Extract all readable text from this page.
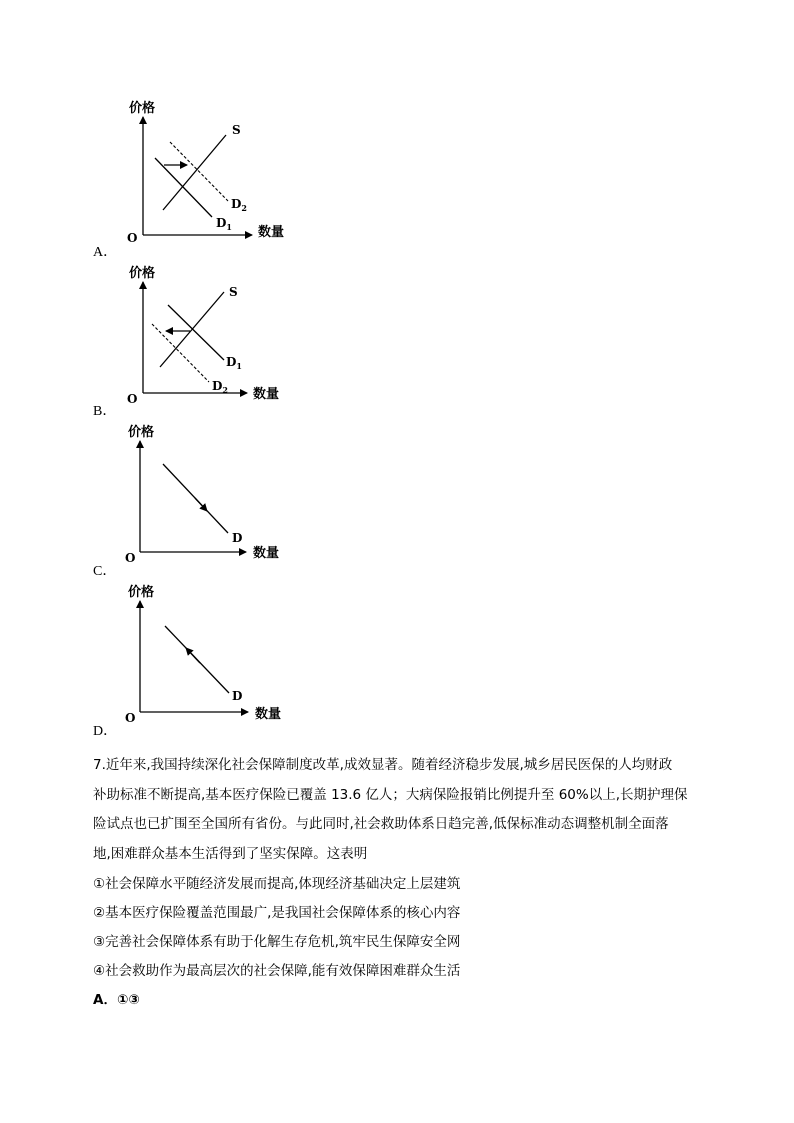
价格
数量
O
S
$D_2$
$D_1$
A．
价格
数量
O
S
$D_1$
$D_2$
B．
价格
数量
O
D
C．
价格
数量
O
D
D．
7.近年来,我国持续深化社会保障制度改革,成效显著。随着经济稳步发展,城乡居民医保的人均财政
补助标准不断提高,基本医疗保险已覆盖 13.6 亿人；大病保险报销比例提升至 60%以上,长期护理保
险试点也已扩围至全国所有省份。与此同时,社会救助体系日趋完善,低保标准动态调整机制全面落
地,困难群众基本生活得到了坚实保障。这表明
①社会保障水平随经济发展而提高,体现经济基础决定上层建筑
②基本医疗保险覆盖范围最广,是我国社会保障体系的核心内容
③完善社会保障体系有助于化解生存危机,筑牢民生保障安全网
④社会救助作为最高层次的社会保障,能有效保障困难群众生活
A．①③
